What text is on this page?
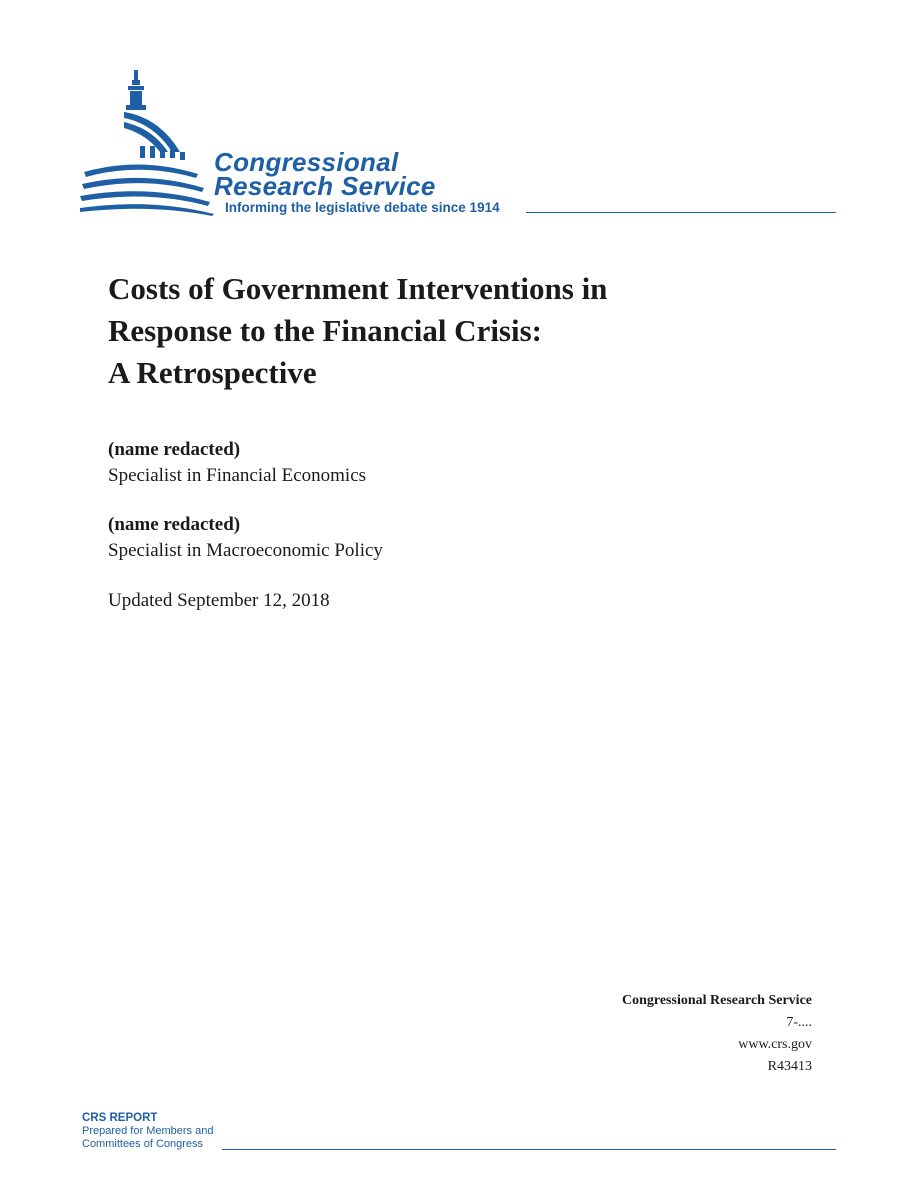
Congressional
Research Service
Informing the legislative debate since 1914
Costs of Government Interventions in
Response to the Financial Crisis:
A Retrospective
(name redacted)
Specialist in Financial Economics
(name redacted)
Specialist in Macroeconomic Policy
Updated September 12, 2018
Congressional Research Service
7-....
www.crs.gov
R43413
CRS REPORT
Prepared for Members and
Committees of Congress
